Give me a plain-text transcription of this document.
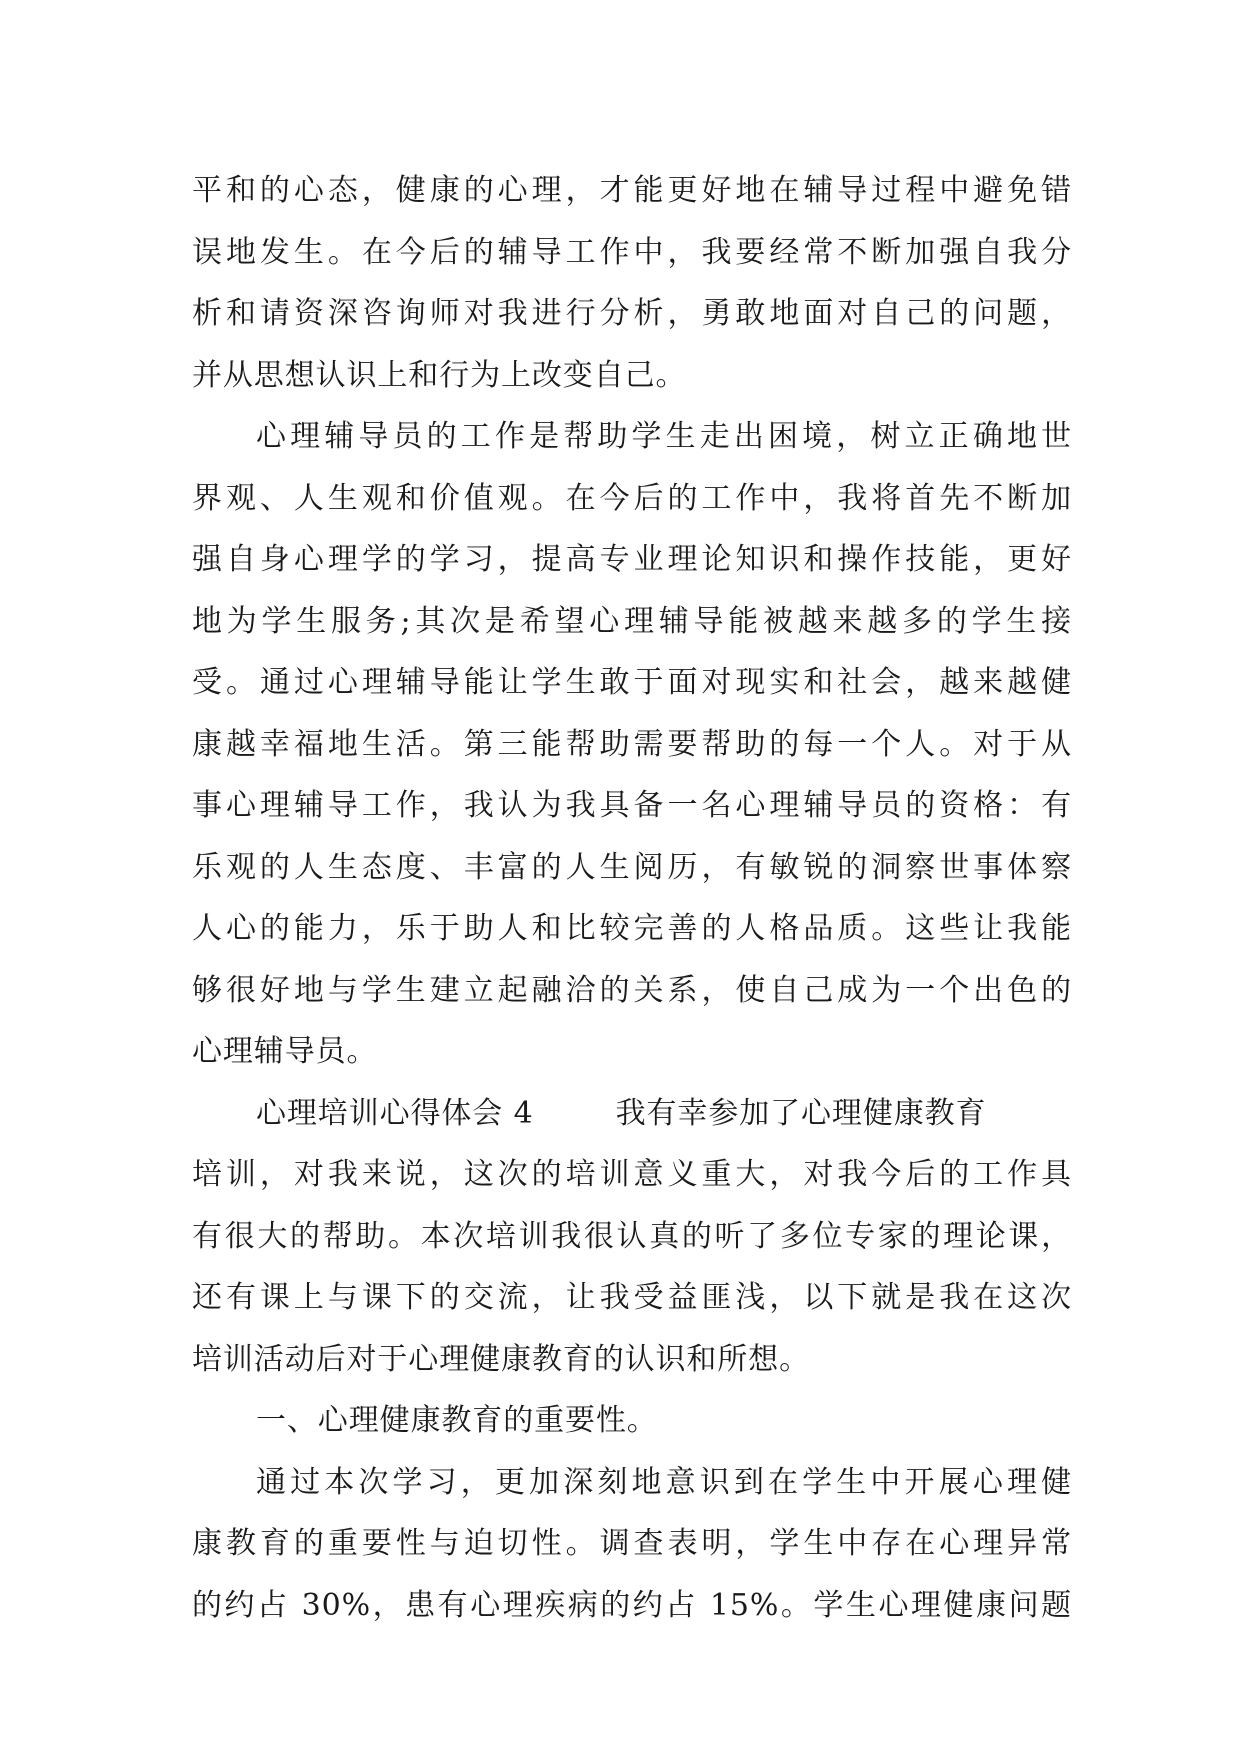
平和的心态，健康的心理，才能更好地在辅导过程中避免错
误地发生。在今后的辅导工作中，我要经常不断加强自我分
析和请资深咨询师对我进行分析，勇敢地面对自己的问题，
并从思想认识上和行为上改变自己。
心理辅导员的工作是帮助学生走出困境，树立正确地世
界观、人生观和价值观。在今后的工作中，我将首先不断加
强自身心理学的学习，提高专业理论知识和操作技能，更好
地为学生服务;其次是希望心理辅导能被越来越多的学生接
受。通过心理辅导能让学生敢于面对现实和社会，越来越健
康越幸福地生活。第三能帮助需要帮助的每一个人。对于从
事心理辅导工作，我认为我具备一名心理辅导员的资格：有
乐观的人生态度、丰富的人生阅历，有敏锐的洞察世事体察
人心的能力，乐于助人和比较完善的人格品质。这些让我能
够很好地与学生建立起融洽的关系，使自己成为一个出色的
心理辅导员。
心理培训心得体会 4	我有幸参加了心理健康教育
培训，对我来说，这次的培训意义重大，对我今后的工作具
有很大的帮助。本次培训我很认真的听了多位专家的理论课，
还有课上与课下的交流，让我受益匪浅，以下就是我在这次
培训活动后对于心理健康教育的认识和所想。
一、心理健康教育的重要性。
通过本次学习，更加深刻地意识到在学生中开展心理健
康教育的重要性与迫切性。调查表明，学生中存在心理异常
的约占 30%，患有心理疾病的约占 15%。学生心理健康问题
